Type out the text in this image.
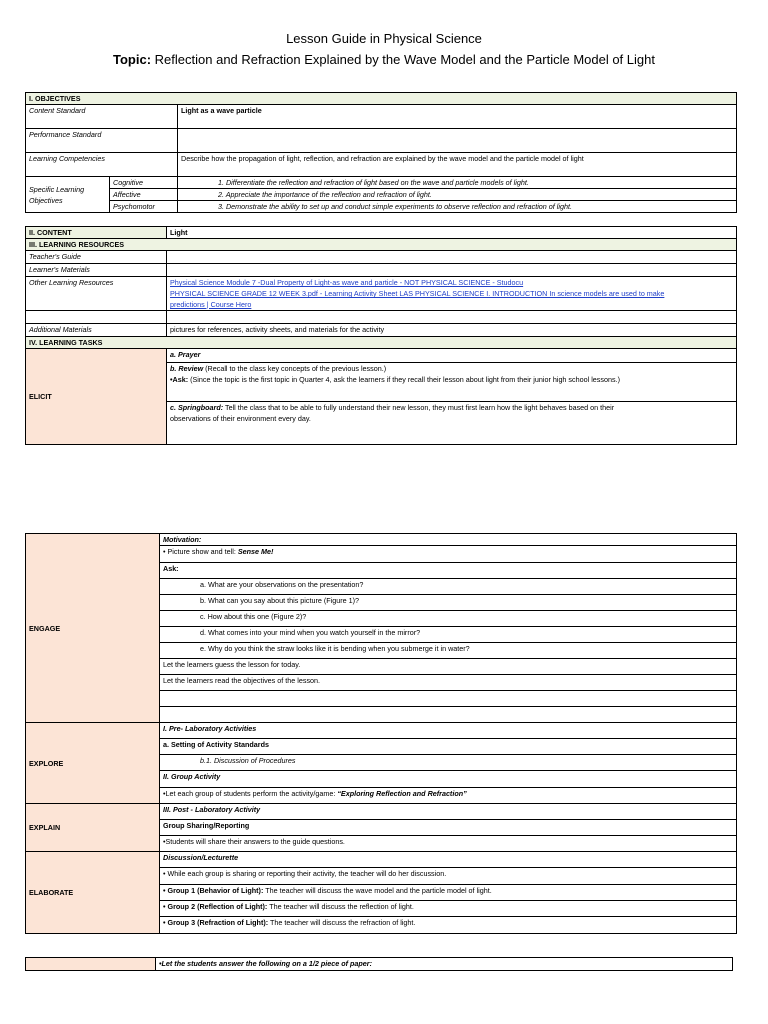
Lesson Guide in Physical Science
Topic: Reflection and Refraction Explained by the Wave Model and the Particle Model of Light
I. OBJECTIVES		
Content Standard		Light as a wave particle
Performance Standard		
Learning Competencies		Describe how the propagation of light, reflection, and refraction are explained by the wave model and the particle model of light
Specific Learning
Objectives	Cognitive	1. Differentiate the reflection and refraction of light based on the wave and particle models of light.
	Affective	2. Appreciate the importance of the reflection and refraction of light.
	Psychomotor	3. Demonstrate the ability to set up and conduct simple experiments to observe reflection and refraction of light.
II. CONTENT	Light
III. LEARNING RESOURCES	
Teacher's Guide	
Learner's Materials	
Other Learning Resources	Physical Science Module 7 -Dual Property of Light-as wave and particle - NOT PHYSICAL SCIENCE - Studocu
PHYSICAL SCIENCE GRADE 12 WEEK 3.pdf - Learning Activity Sheet LAS PHYSICAL SCIENCE I. INTRODUCTION In science models are used to make
predictions | Course Hero

Additional Materials	pictures for references, activity sheets, and materials for the activity
IV. LEARNING TASKS	
ELICIT	a. Prayer
	b. Review (Recall to the class key concepts of the previous lesson.)
•Ask: (Since the topic is the first topic in Quarter 4, ask the learners if they recall their lesson about light from their junior high school lessons.)
	c. Springboard: Tell the class that to be able to fully understand their new lesson, they must first learn how the light behaves based on their
observations of their environment every day.
ENGAGE	Motivation:
	• Picture show and tell: Sense Me!
	Ask:
	a. What are your observations on the presentation?
	b. What can you say about this picture (Figure 1)?
	c. How about this one (Figure 2)?
	d. What comes into your mind when you watch yourself in the mirror?
	e. Why do you think the straw looks like it is bending when you submerge it in water?
	Let the learners guess the lesson for today.
	Let the learners read the objectives of the lesson.

EXPLORE	I. Pre- Laboratory Activities
	a. Setting of Activity Standards
	b.1. Discussion of Procedures
	II. Group Activity
	•Let each group of students perform the activity/game: “Exploring Reflection and Refraction”
EXPLAIN	III. Post - Laboratory Activity
	Group Sharing/Reporting
	•Students will share their answers to the guide questions.
ELABORATE	Discussion/Lecturette
	• While each group is sharing or reporting their activity, the teacher will do her discussion.
	• Group 1 (Behavior of Light): The teacher will discuss the wave model and the particle model of light.
	• Group 2 (Reflection of Light): The teacher will discuss the reflection of light.
	• Group 3 (Refraction of Light): The teacher will discuss the refraction of light.
	•Let the students answer the following on a 1/2 piece of paper:
